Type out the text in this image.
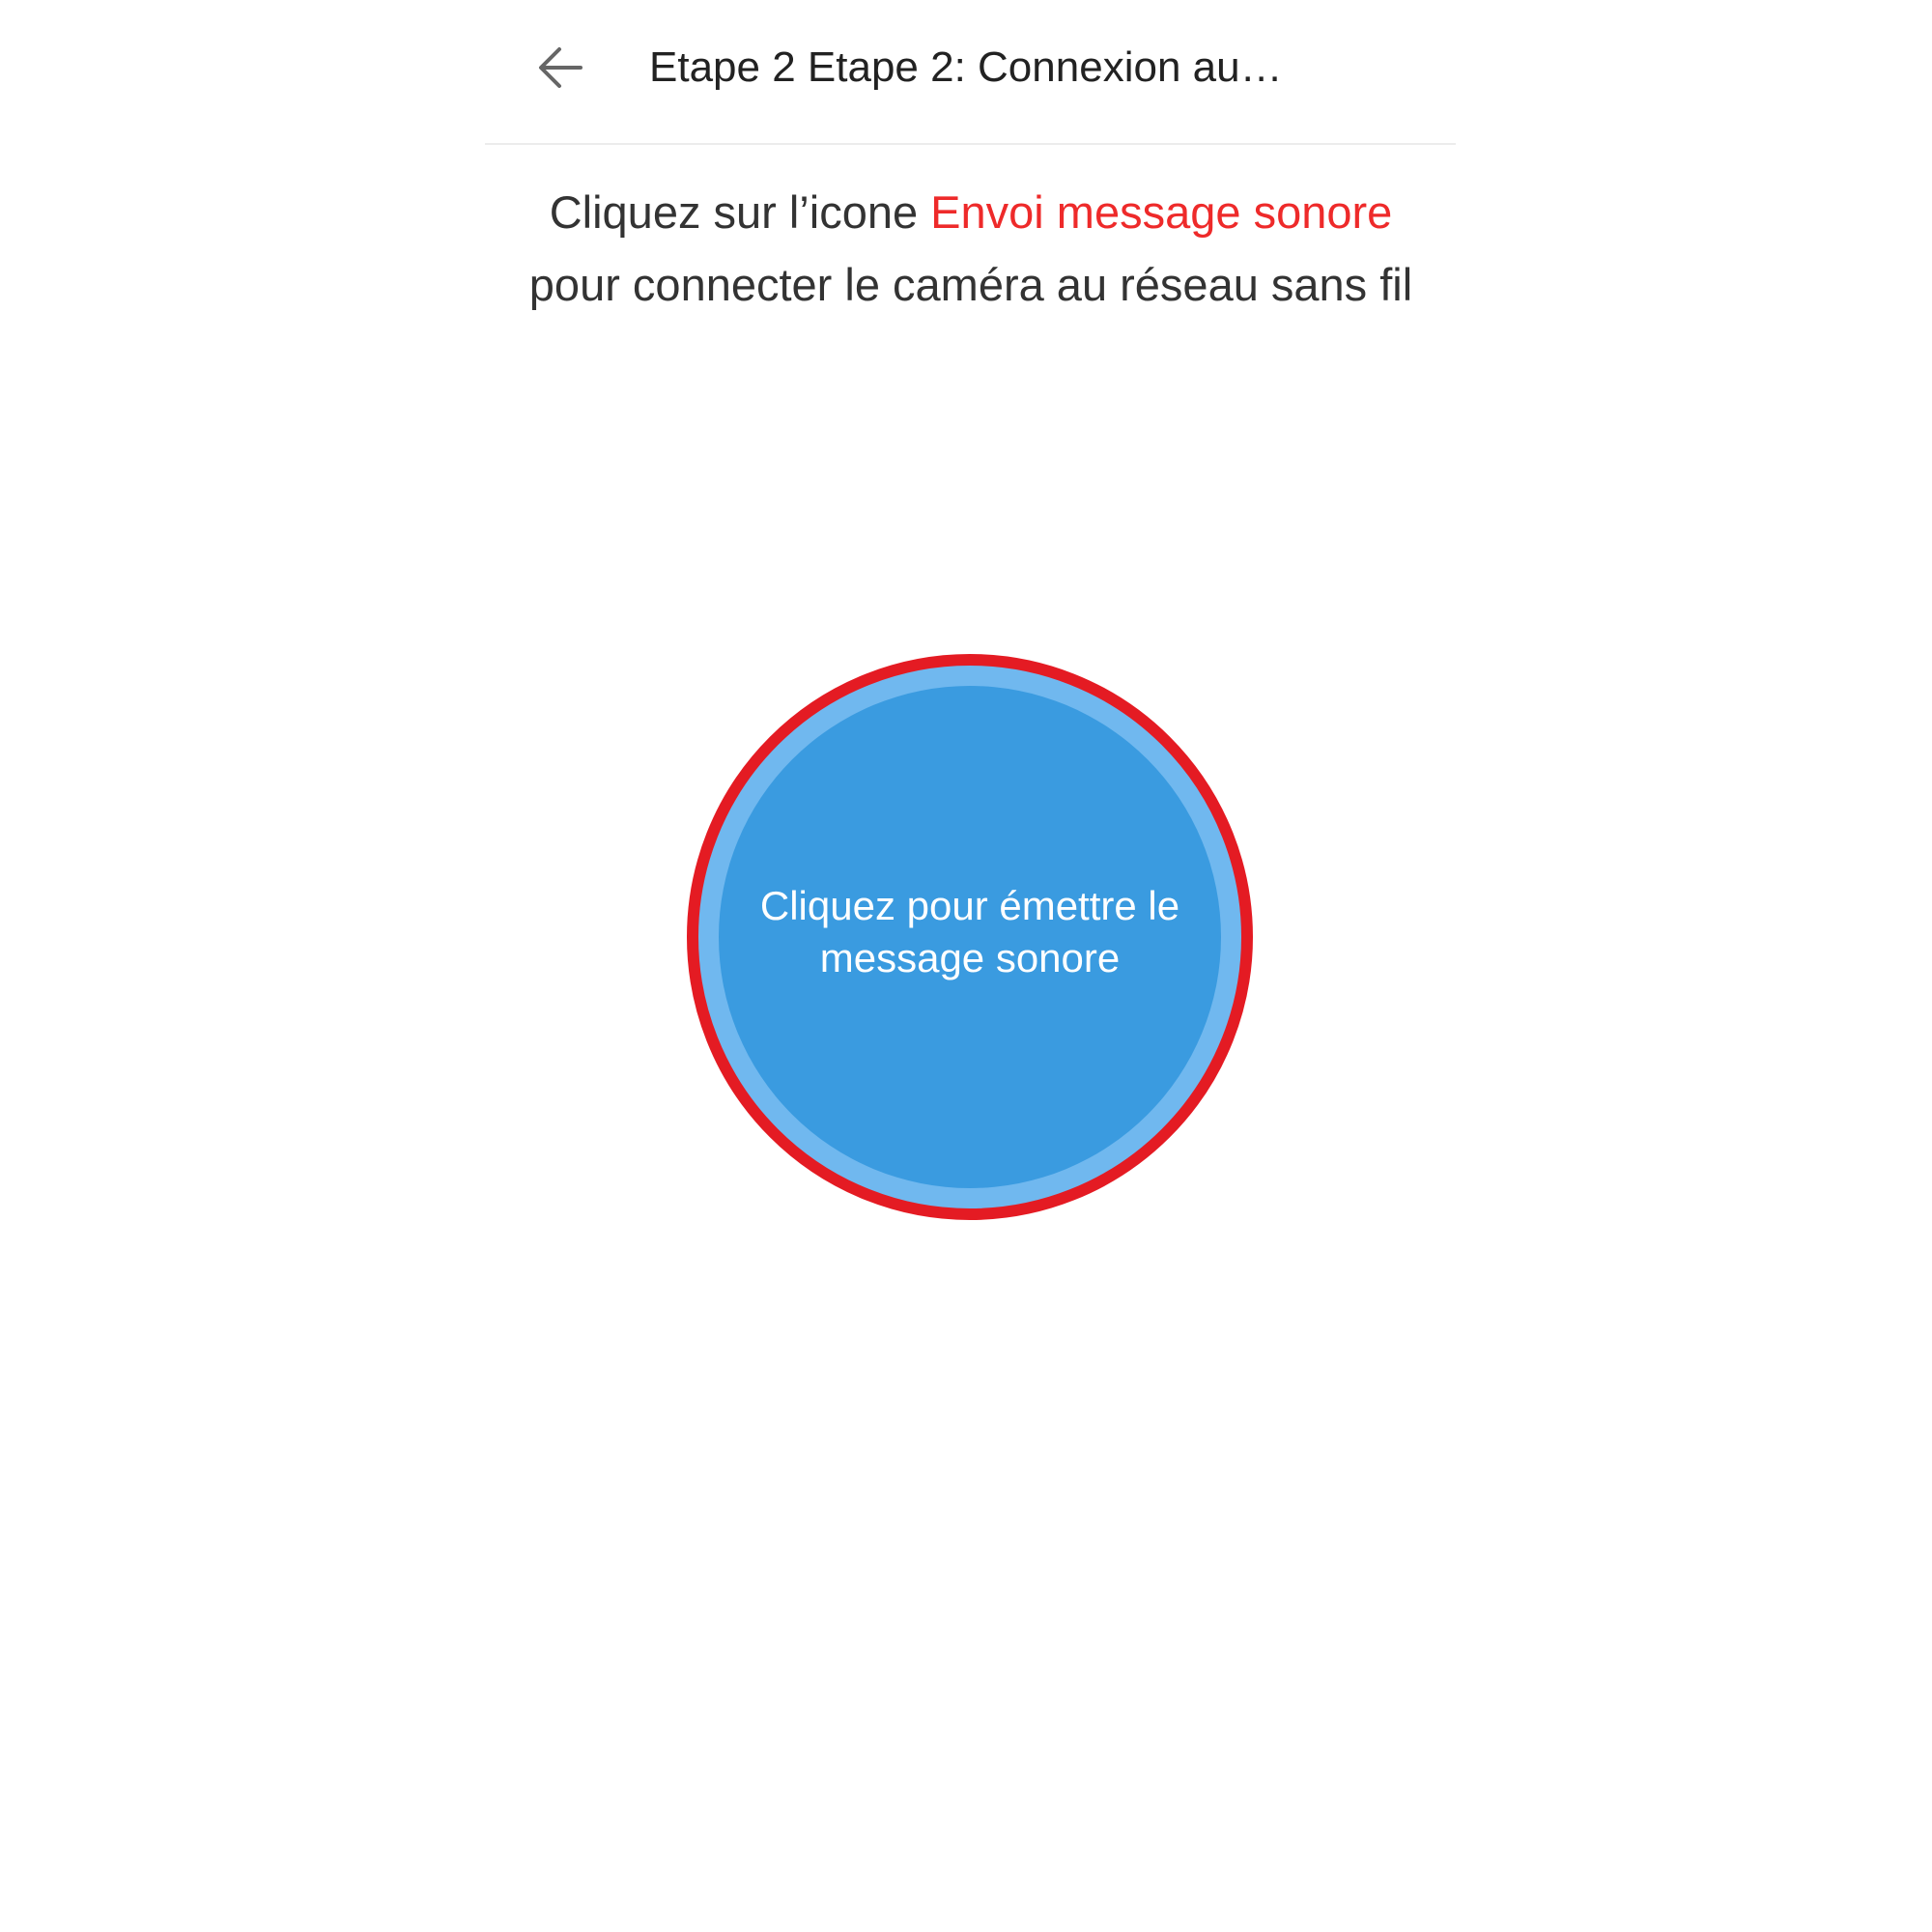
Etape 2 Etape 2: Connexion au…
Cliquez sur l’icone Envoi message sonore pour connecter le caméra au réseau sans fil
Cliquez pour émettre le message sonore
